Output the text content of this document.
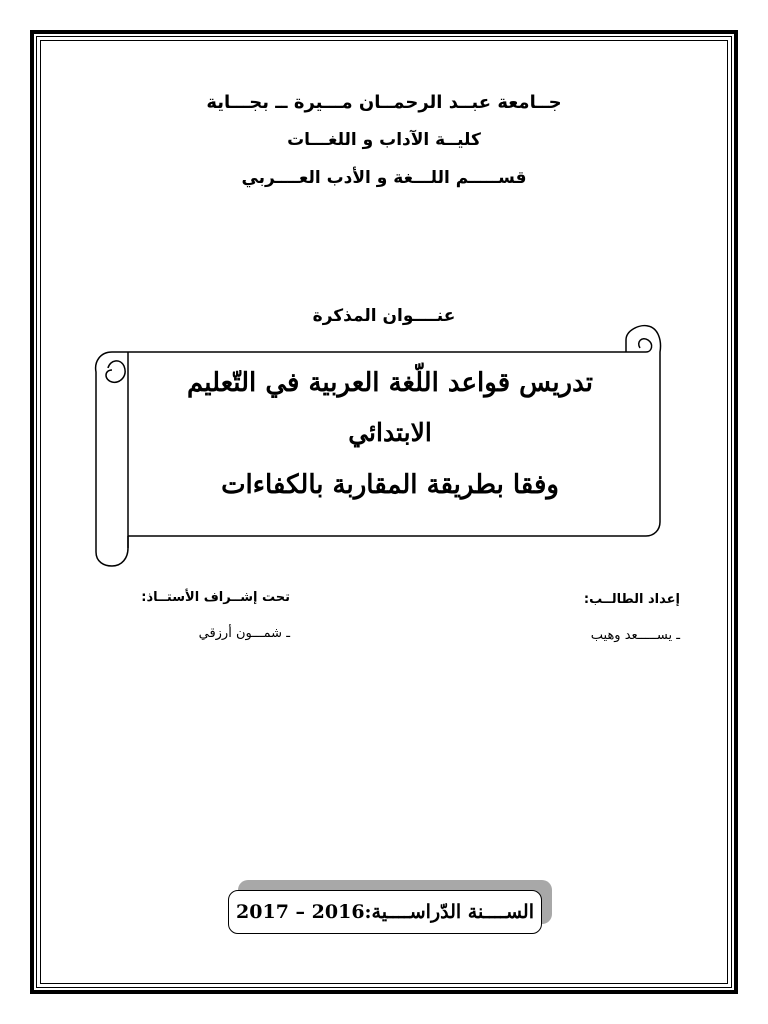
جــامعة عبــد الرحمــان مـــيرة ــ بجـــاية
كليــة الآداب و اللغـــات
قســـــم اللـــغة و الأدب العــــربي
عنــــوان المذكرة
تدريس قواعد اللّغة العربية في التّعليم
الابتدائي
وفقا بطريقة المقاربة بالكفاءات
تحت إشــراف الأستــاذ:
ـ شمـــون أرزقي
إعداد الطالــب:
ـ يســـــعد وهيب
الســــنة الدّراســــية:2016 – 2017
